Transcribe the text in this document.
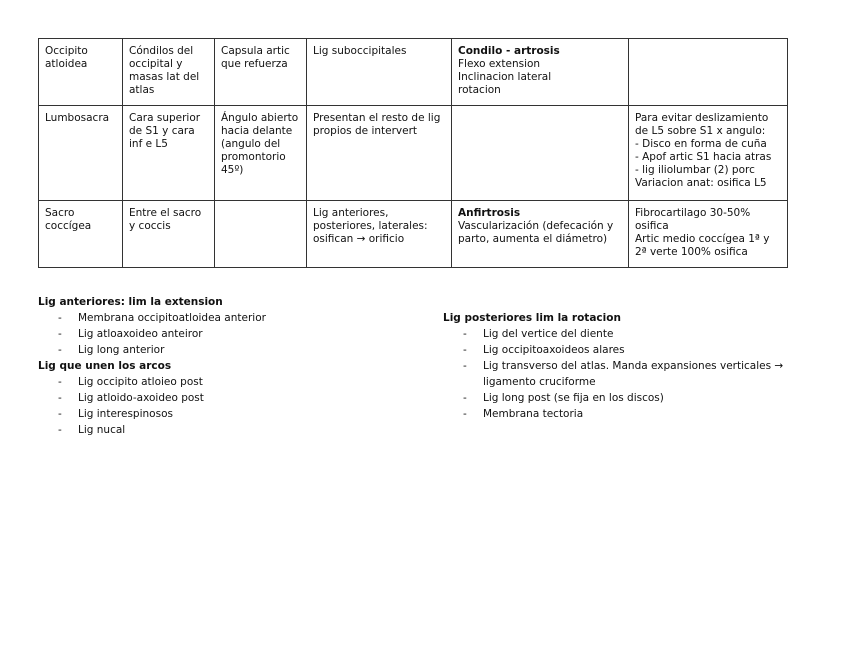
Occipito atloidea	Cóndilos del occipital y masas lat del atlas	Capsula artic que refuerza	Lig suboccipitales	Condilo - artrosis
Flexo extension
Inclinacion lateral
rotacion	

Lumbosacra	Cara superior de S1 y cara inf e L5	Ángulo abierto hacia delante (angulo del promontorio 45º)	Presentan el resto de lig propios de intervert		Para evitar deslizamiento de L5 sobre S1 x angulo:
- Disco en forma de cuña
- Apof artic S1 hacia atras
- lig iliolumbar (2) porc
Variacion anat: osifica L5

Sacro coccígea	Entre el sacro y coccis		Lig anteriores, posteriores, laterales: osifican → orificio	Anfirtrosis
Vascularización (defecación y parto, aumenta el diámetro)	Fibrocartilago 30-50% osifica
Artic medio coccígea 1ª y 2ª verte 100% osifica
Lig anteriores: lim la extension
- Membrana occipitoatloidea anterior
- Lig atloaxoideo anteiror
- Lig long anterior
Lig que unen los arcos
- Lig occipito atloieo post
- Lig atloido-axoideo post
- Lig interespinosos
- Lig nucal
Lig posteriores lim la rotacion
- Lig del vertice del diente
- Lig occipitoaxoideos alares
- Lig transverso del atlas. Manda expansiones verticales → ligamento cruciforme
- Lig long post (se fija en los discos)
- Membrana tectoria
